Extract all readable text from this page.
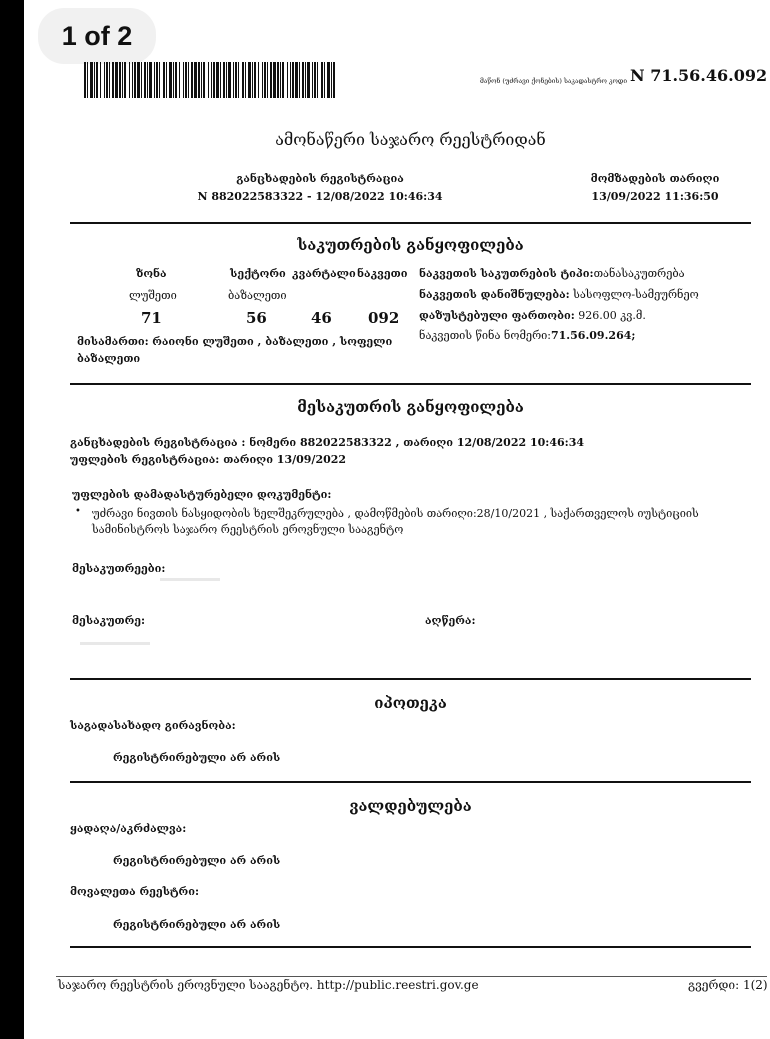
1 of 2
მაწონ (უძრავი ქონების) საკადასტრო კოდი N 71.56.46.092
ამონაწერი საჯარო რეესტრიდან
განცხადების რეგისტრაცია
N 882022583322 - 12/08/2022 10:46:34
მომზადების თარიღი
13/09/2022 11:36:50
საკუთრების განყოფილება
ზონა
ლუშეთი
71
სექტორი
ბაზალეთი
56
კვარტალი
46
ნაკვეთი
092
ნაკვეთის საკუთრების ტიპი:თანასაკუთრება
ნაკვეთის დანიშნულება: სასოფლო-სამეურნეო
დაზუსტებული ფართობი: 926.00 კვ.მ.
ნაკვეთის წინა ნომერი:71.56.09.264;
მისამართი: რაიონი ლუშეთი , ბაზალეთი , სოფელი
ბაზალეთი
მესაკუთრის განყოფილება
განცხადების რეგისტრაცია : ნომერი 882022583322 , თარიღი 12/08/2022 10:46:34
უფლების რეგისტრაცია: თარიღი 13/09/2022
უფლების დამადასტურებელი დოკუმენტი:
• უძრავი ნივთის ნასყიდობის ხელშეკრულება , დამოწმების თარიღი:28/10/2021 , საქართველოს იუსტიციის
სამინისტროს საჯარო რეესტრის ეროვნული სააგენტო
მესაკუთრეები:
მესაკუთრე:	აღწერა:
იპოთეკა
საგადასახადო გირავნობა:
რეგისტრირებული არ არის
ვალდებულება
ყადაღა/აკრძალვა:
რეგისტრირებული არ არის
მოვალეთა რეესტრი:
რეგისტრირებული არ არის
საჯარო რეესტრის ეროვნული სააგენტო. http://public.reestri.gov.ge	გვერდი: 1(2)
